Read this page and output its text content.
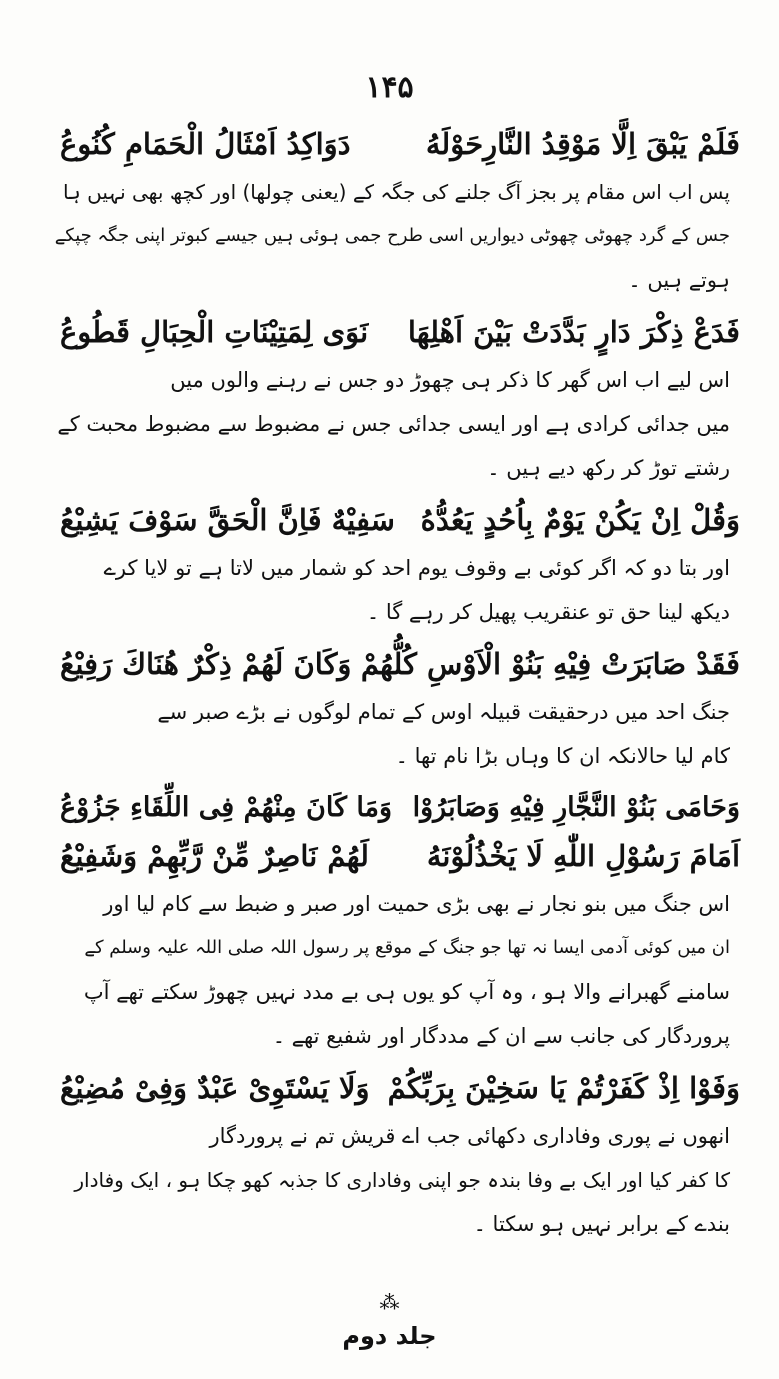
١۴۵
فَلَمْ يَبْقَ اِلَّا مَوْقِدُ النَّارِحَوْلَهُ
دَوَاكِدُ اَمْثَالُ الْحَمَامِ كُنُوعُ
پس اب اس مقام پر بجز آگ جلنے کی جگہ کے (یعنی چولھا) اور کچھ بھی نہیں ہا
جس کے گرد چھوٹی چھوٹی دیواریں اسی طرح جمی ہوئی ہیں جیسے کبوتر اپنی جگہ چپکے
ہوتے ہیں ۔
فَدَعْ ذِكْرَ دَارٍ بَدَّدَتْ بَيْنَ اَهْلِهَا
نَوَى لِمَتِيْنَاتِ الْحِبَالِ قَطُوعُ
اس لیے اب اس گھر کا ذکر ہی چھوڑ دو جس نے رہنے والوں میں
میں جدائی کرادی ہے اور ایسی جدائی جس نے مضبوط سے مضبوط محبت کے
رشتے توڑ کر رکھ دیے ہیں ۔
وَقُلْ اِنْ يَكُنْ يَوْمٌ بِاُحُدٍ يَعُدُّهُ
سَفِيْهٌ فَاِنَّ الْحَقَّ سَوْفَ يَشِيْعُ
اور بتا دو کہ اگر کوئی بے وقوف یوم احد کو شمار میں لاتا ہے تو لایا کرے
دیکھ لینا حق تو عنقریب پھیل کر رہے گا ۔
فَقَدْ صَابَرَتْ فِيْهِ بَنُوْ الْاَوْسِ كُلُّهُمْ
وَكَانَ لَهُمْ ذِكْرٌ هُنَاكَ رَفِيْعُ
جنگ احد میں درحقیقت قبیلہ اوس کے تمام لوگوں نے بڑے صبر سے
کام لیا حالانکہ ان کا وہاں بڑا نام تھا ۔
وَحَامَى بَنُوْ النَّجَّارِ فِيْهِ وَصَابَرُوْا
وَمَا كَانَ مِنْهُمْ فِى اللِّقَاءِ جَزُوْعُ
اَمَامَ رَسُوْلِ اللّٰهِ لَا يَخْذُلُوْنَهُ
لَهُمْ نَاصِرٌ مِّنْ رَّبِّهِمْ وَشَفِيْعُ
اس جنگ میں بنو نجار نے بھی بڑی حمیت اور صبر و ضبط سے کام لیا اور
ان میں کوئی آدمی ایسا نہ تھا جو جنگ کے موقع پر رسول اللہ صلی اللہ علیہ وسلم کے
سامنے گھبرانے والا ہو ، وہ آپ کو یوں ہی بے مدد نہیں چھوڑ سکتے تھے آپ
پروردگار کی جانب سے ان کے مددگار اور شفیع تھے ۔
وَفَوْا اِذْ كَفَرْتُمْ يَا سَخِيْنَ بِرَبِّكُمْ
وَلَا يَسْتَوِىْ عَبْدٌ وَفِىْ مُضِيْعُ
انھوں نے پوری وفاداری دکھائی جب اے قریش تم نے پروردگار
کا کفر کیا اور ایک بے وفا بندہ جو اپنی وفاداری کا جذبہ کھو چکا ہو ، ایک وفادار
بندے کے برابر نہیں ہو سکتا ۔
⁂
جلد دوم
